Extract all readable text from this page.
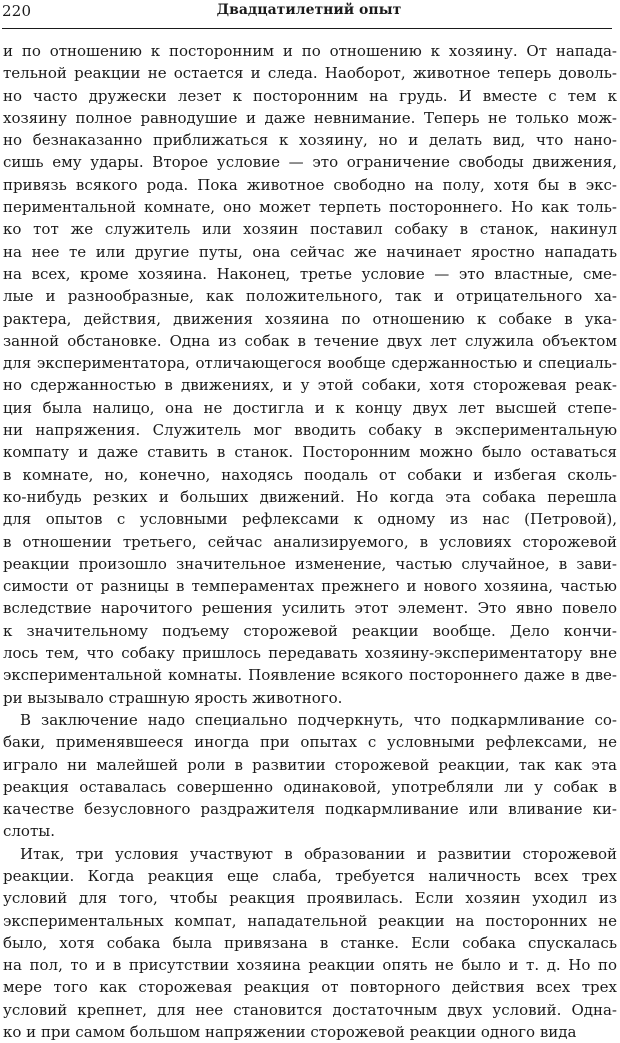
220	Двадцатилетний опыт
и по отношению к посторонним и по отношению к хозяину. От нападa-
тельной реакции не остается и следа. Наоборот, животное теперь доволь-
но часто дружески лезет к посторонним на грудь. И вместе с тем к
хозяину полное равнодушие и даже невнимание. Теперь не только мож-
но безнаказанно приближаться к хозяину, но и делать вид, что нано-
сишь ему удары. Второе условие — это ограничение свободы движения,
привязь всякого рода. Пока животное свободно на полу, хотя бы в экс-
периментальной комнате, оно может терпеть постороннего. Но как толь-
ко тот же служитель или хозяин поставил собаку в станок, накинул
на нее те или другие путы, она сейчас же начинает яростно нападать
на всех, кроме хозяина. Наконец, третье условие — это властные, сме-
лые и разнообразные, как положительного, так и отрицательного ха-
рактера, действия, движения хозяина по отношению к собаке в ука-
занной обстановке. Одна из собак в течение двух лет служила объектом
для экспериментатора, отличающегося вообще сдержанностью и специаль-
но сдержанностью в движениях, и у этой собаки, хотя сторожевая реак-
ция была налицо, она не достигла и к концу двух лет высшей степе-
ни напряжения. Служитель мог вводить собаку в экспериментальную
компату и даже ставить в станок. Посторонним можно было оставаться
в комнате, но, конечно, находясь поодаль от собаки и избегая сколь-
ко-нибудь резких и больших движений. Но когда эта собака перешла
для опытов с условными рефлексами к одному из нас (Петровой),
в отношении третьего, сейчас анализируемого, в условиях сторожевой
реакции произошло значительное изменение, частью случайное, в зави-
симости от разницы в темпераментах прежнего и нового хозяина, частью
вследствие нарочитого решения усилить этот элемент. Это явно повело
к значительному подъему сторожевой реакции вообще. Дело кончи-
лось тем, что собаку пришлось передавать хозяину-экспериментатору вне
экспериментальной комнаты. Появление всякого постороннего даже в две-
ри вызывало страшную ярость животного.
В заключение надо специально подчеркнуть, что подкармливание со-
баки, применявшееся иногда при опытах с условными рефлексами, не
играло ни малейшей роли в развитии сторожевой реакции, так как эта
реакция оставалась совершенно одинаковой, употребляли ли у собак в
качестве безусловного раздражителя подкармливание или вливание ки-
слоты.
Итак, три условия участвуют в образовании и развитии сторожевой
реакции. Когда реакция еще слаба, требуется наличность всех трех
условий для того, чтобы реакция проявилась. Если хозяин уходил из
экспериментальных компат, нападательной реакции на посторонних не
было, хотя собака была привязана в станке. Если собака спускалась
на пол, то и в присутствии хозяина реакции опять не было и т. д. Но по
мере того как сторожевая реакция от повторного действия всех трех
условий крепнет, для нее становится достаточным двух условий. Одна-
ко и при самом большом напряжении сторожевой реакции одного вида
